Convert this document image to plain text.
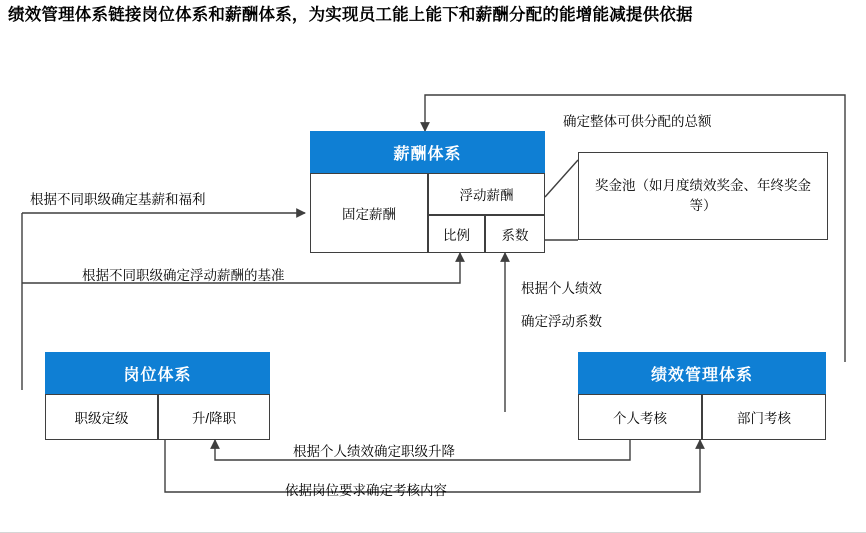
绩效管理体系链接岗位体系和薪酬体系，为实现员工能上能下和薪酬分配的能增能减提供依据
薪酬体系
固定薪酬
浮动薪酬
比例 系数
奖金池（如月度绩效奖金、年终奖金等）
岗位体系
职级定级	升/降职
绩效管理体系
个人考核	部门考核
确定整体可供分配的总额
根据不同职级确定基薪和福利
根据不同职级确定浮动薪酬的基准
根据个人绩效
确定浮动系数
根据个人绩效确定职级升降
依据岗位要求确定考核内容
